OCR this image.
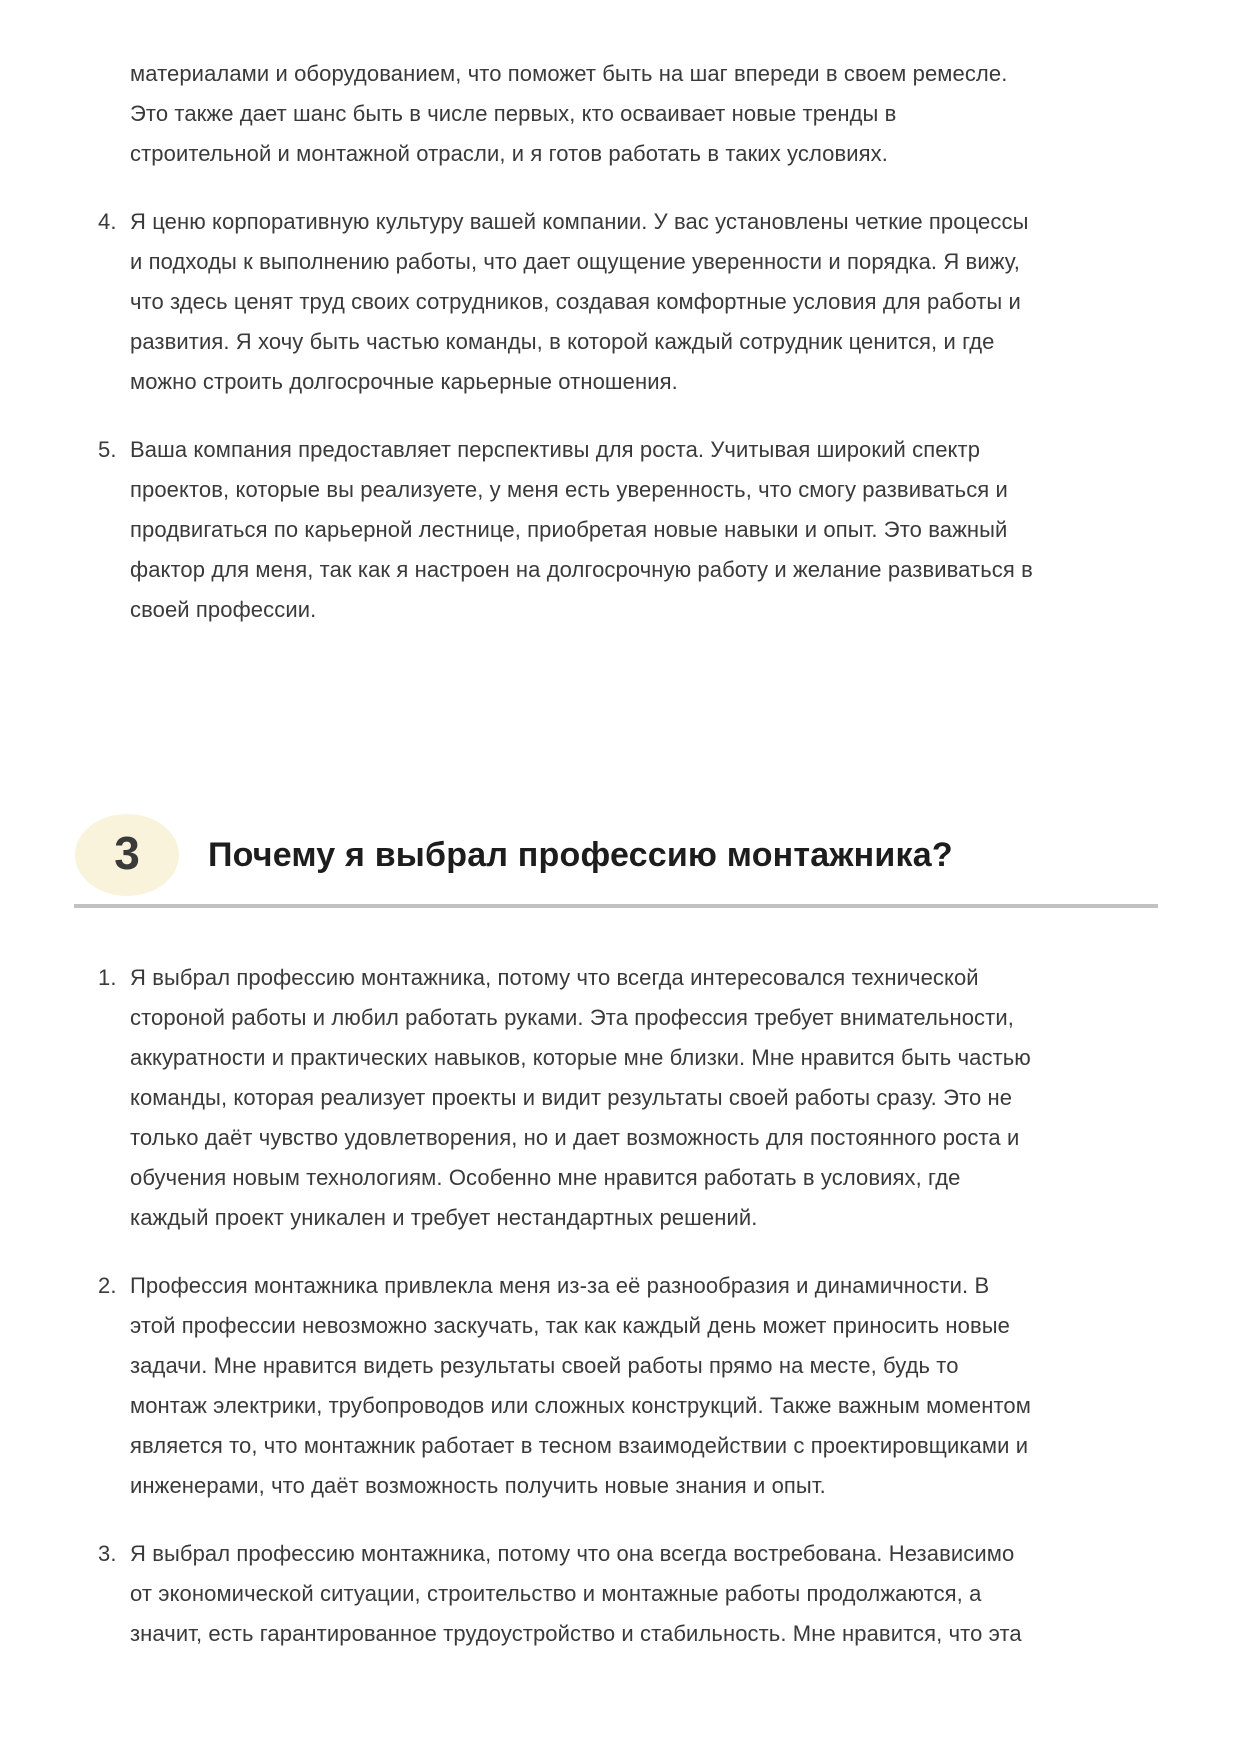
материалами и оборудованием, что поможет быть на шаг впереди в своем ремесле. Это также дает шанс быть в числе первых, кто осваивает новые тренды в строительной и монтажной отрасли, и я готов работать в таких условиях.

4. Я ценю корпоративную культуру вашей компании. У вас установлены четкие процессы и подходы к выполнению работы, что дает ощущение уверенности и порядка. Я вижу, что здесь ценят труд своих сотрудников, создавая комфортные условия для работы и развития. Я хочу быть частью команды, в которой каждый сотрудник ценится, и где можно строить долгосрочные карьерные отношения.
5. Ваша компания предоставляет перспективы для роста. Учитывая широкий спектр проектов, которые вы реализуете, у меня есть уверенность, что смогу развиваться и продвигаться по карьерной лестнице, приобретая новые навыки и опыт. Это важный фактор для меня, так как я настроен на долгосрочную работу и желание развиваться в своей профессии.
3 Почему я выбрал профессию монтажника?
1. Я выбрал профессию монтажника, потому что всегда интересовался технической стороной работы и любил работать руками. Эта профессия требует внимательности, аккуратности и практических навыков, которые мне близки. Мне нравится быть частью команды, которая реализует проекты и видит результаты своей работы сразу. Это не только даёт чувство удовлетворения, но и дает возможность для постоянного роста и обучения новым технологиям. Особенно мне нравится работать в условиях, где каждый проект уникален и требует нестандартных решений.
2. Профессия монтажника привлекла меня из-за её разнообразия и динамичности. В этой профессии невозможно заскучать, так как каждый день может приносить новые задачи. Мне нравится видеть результаты своей работы прямо на месте, будь то монтаж электрики, трубопроводов или сложных конструкций. Также важным моментом является то, что монтажник работает в тесном взаимодействии с проектировщиками и инженерами, что даёт возможность получить новые знания и опыт.
3. Я выбрал профессию монтажника, потому что она всегда востребована. Независимо от экономической ситуации, строительство и монтажные работы продолжаются, а значит, есть гарантированное трудоустройство и стабильность. Мне нравится, что эта
